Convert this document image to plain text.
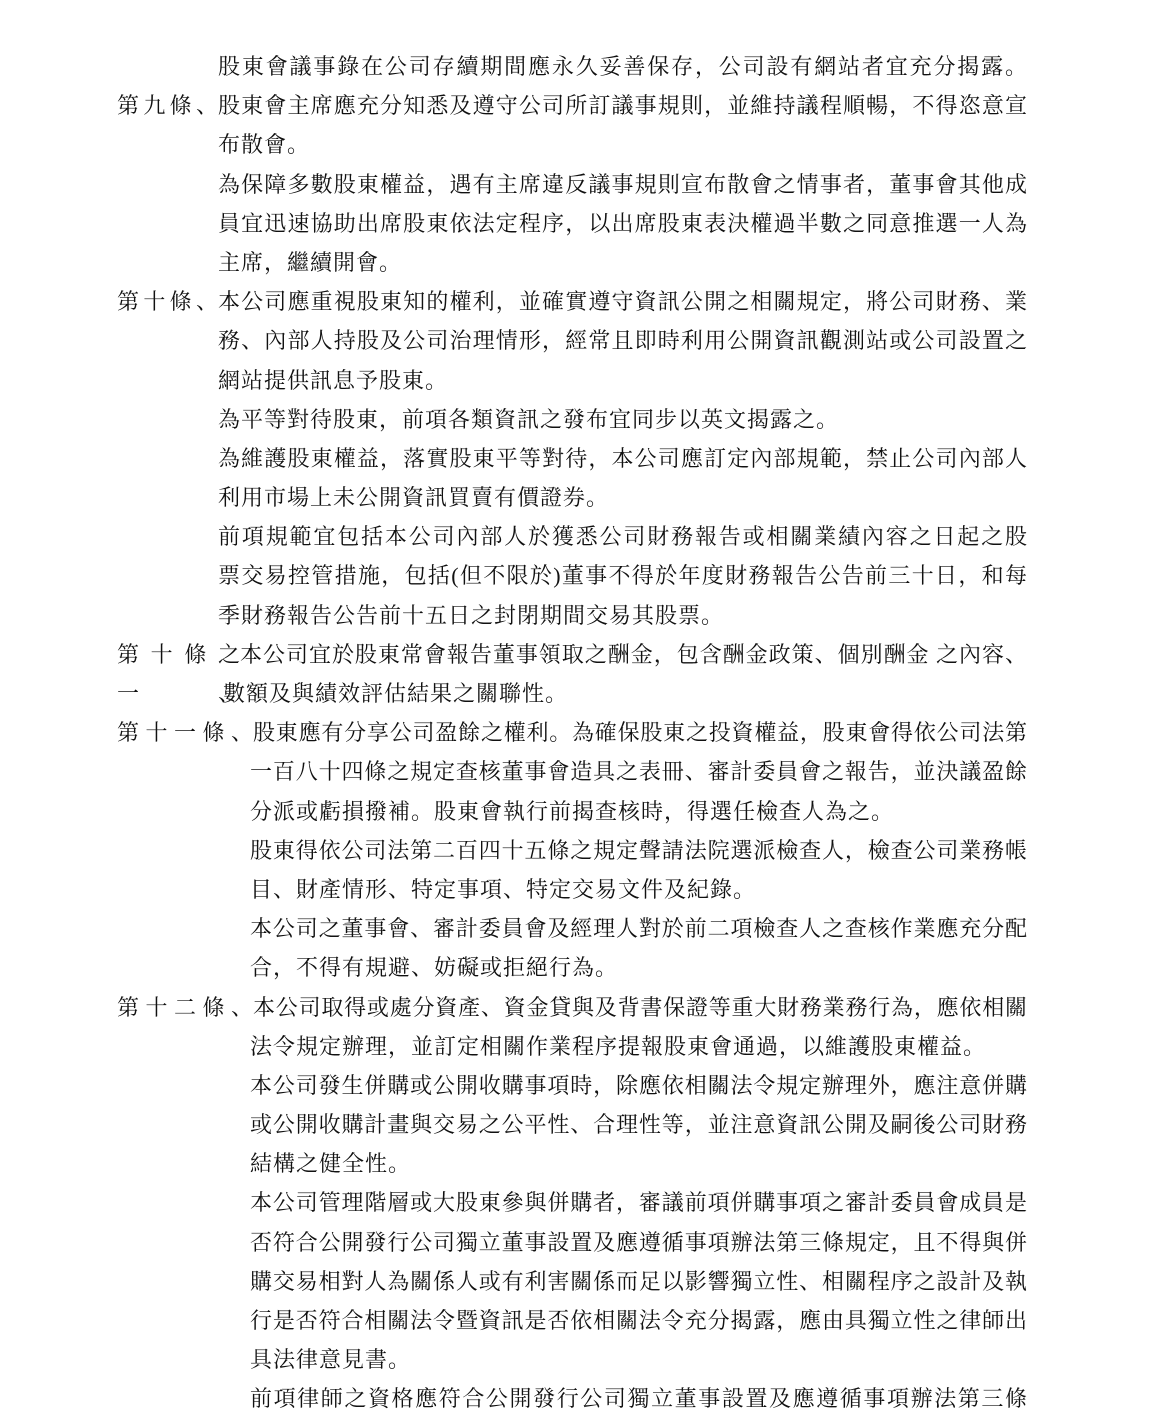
股東會議事錄在公司存續期間應永久妥善保存，公司設有網站者宜充分揭露。
第九條、 股東會主席應充分知悉及遵守公司所訂議事規則，並維持議程順暢，不得恣意宣
布散會。
為保障多數股東權益，遇有主席違反議事規則宣布散會之情事者，董事會其他成
員宜迅速協助出席股東依法定程序，以出席股東表決權過半數之同意推選一人為
主席，繼續開會。
第十條、 本公司應重視股東知的權利，並確實遵守資訊公開之相關規定，將公司財務、業
務、內部人持股及公司治理情形，經常且即時利用公開資訊觀測站或公司設置之
網站提供訊息予股東。
為平等對待股東，前項各類資訊之發布宜同步以英文揭露之。
為維護股東權益，落實股東平等對待，本公司應訂定內部規範，禁止公司內部人
利用市場上未公開資訊買賣有價證券。
前項規範宜包括本公司內部人於獲悉公司財務報告或相關業績內容之日起之股
票交易控管措施，包括(但不限於)董事不得於年度財務報告公告前三十日，和每
季財務報告公告前十五日之封閉期間交易其股票。
第十條之一、
本公司宜於股東常會報告董事領取之酬金，包含酬金政策、個別酬金 之內容、
數額及與績效評估結果之關聯性。
第十一條、 股東應有分享公司盈餘之權利。為確保股東之投資權益，股東會得依公司法第
一百八十四條之規定查核董事會造具之表冊、審計委員會之報告，並決議盈餘
分派或虧損撥補。股東會執行前揭查核時，得選任檢查人為之。
股東得依公司法第二百四十五條之規定聲請法院選派檢查人，檢查公司業務帳
目、財產情形、特定事項、特定交易文件及紀錄。
本公司之董事會、審計委員會及經理人對於前二項檢查人之查核作業應充分配
合，不得有規避、妨礙或拒絕行為。
第十二條、 本公司取得或處分資產、資金貸與及背書保證等重大財務業務行為，應依相關
法令規定辦理，並訂定相關作業程序提報股東會通過，以維護股東權益。
本公司發生併購或公開收購事項時，除應依相關法令規定辦理外，應注意併購
或公開收購計畫與交易之公平性、合理性等，並注意資訊公開及嗣後公司財務
結構之健全性。
本公司管理階層或大股東參與併購者，審議前項併購事項之審計委員會成員是
否符合公開發行公司獨立董事設置及應遵循事項辦法第三條規定，且不得與併
購交易相對人為關係人或有利害關係而足以影響獨立性、相關程序之設計及執
行是否符合相關法令暨資訊是否依相關法令充分揭露，應由具獨立性之律師出
具法律意見書。
前項律師之資格應符合公開發行公司獨立董事設置及應遵循事項辦法第三條
